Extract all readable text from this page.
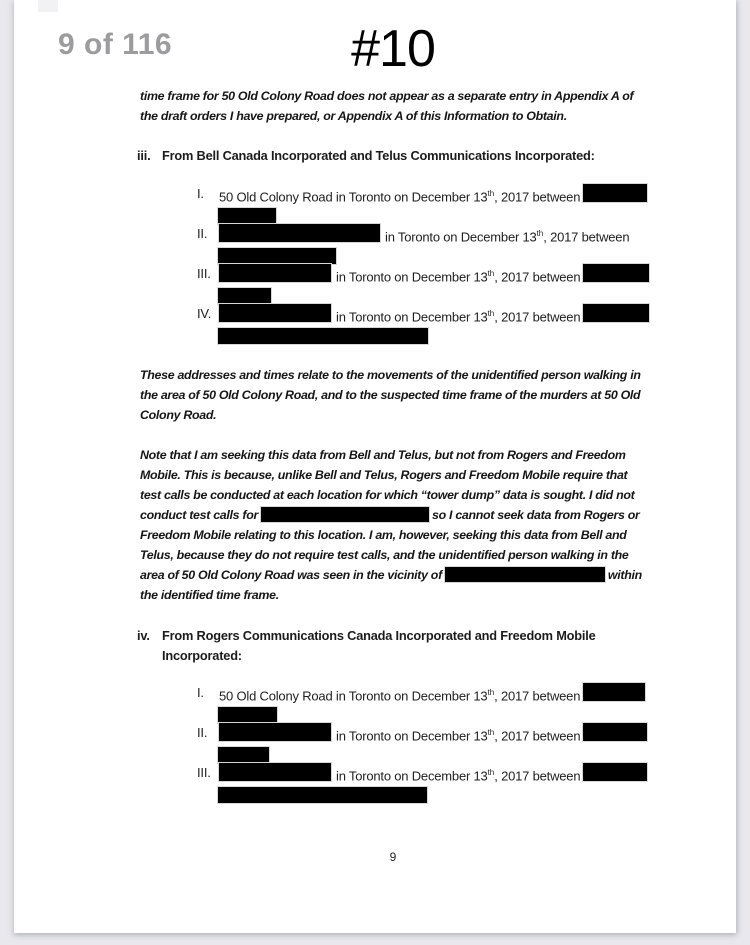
9 of 116	#10

time frame for 50 Old Colony Road does not appear as a separate entry in Appendix A of the draft orders I have prepared, or Appendix A of this Information to Obtain.

iii. From Bell Canada Incorporated and Telus Communications Incorporated:
I. 50 Old Colony Road in Toronto on December 13th, 2017 between
II.	in Toronto on December 13th, 2017 between
III.	in Toronto on December 13th, 2017 between
IV.	in Toronto on December 13th, 2017 between

These addresses and times relate to the movements of the unidentified person walking in the area of 50 Old Colony Road, and to the suspected time frame of the murders at 50 Old Colony Road.

Note that I am seeking this data from Bell and Telus, but not from Rogers and Freedom Mobile. This is because, unlike Bell and Telus, Rogers and Freedom Mobile require that test calls be conducted at each location for which “tower dump” data is sought. I did not conduct test calls for	so I cannot seek data from Rogers or Freedom Mobile relating to this location. I am, however, seeking this data from Bell and Telus, because they do not require test calls, and the unidentified person walking in the area of 50 Old Colony Road was seen in the vicinity of	within the identified time frame.

iv. From Rogers Communications Canada Incorporated and Freedom Mobile Incorporated:
I. 50 Old Colony Road in Toronto on December 13th, 2017 between
II.	in Toronto on December 13th, 2017 between
III.	in Toronto on December 13th, 2017 between
9
